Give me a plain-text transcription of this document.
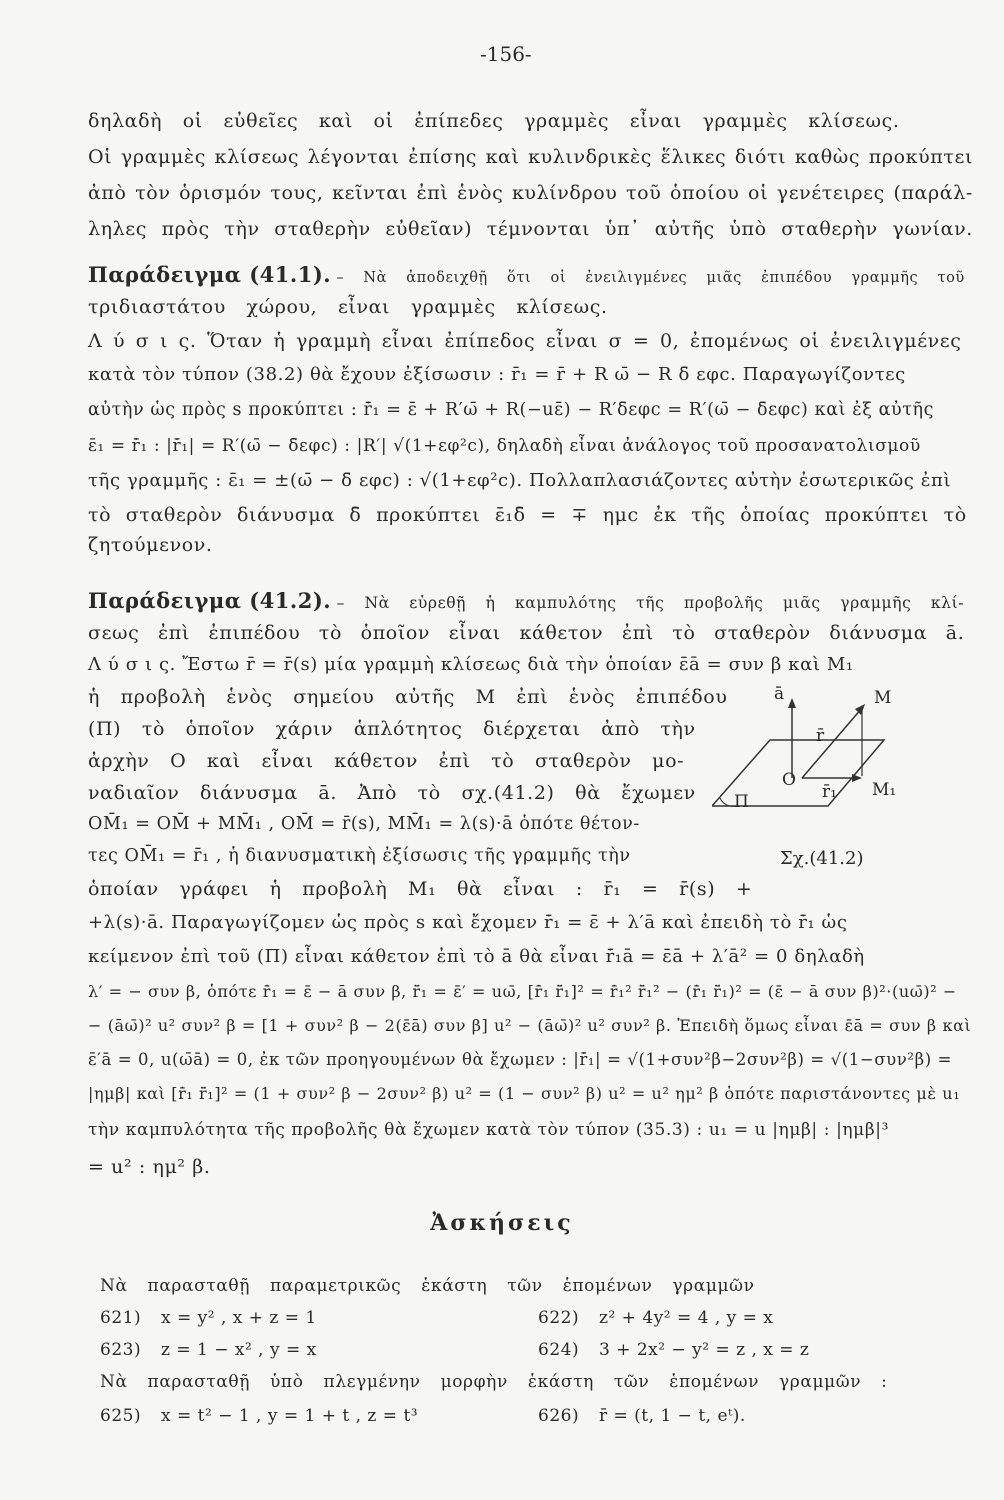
-156-
δηλαδὴ οἱ εὐθεῖες καὶ οἱ ἐπίπεδες γραμμὲς εἶναι γραμμὲς κλίσεως.
Οἱ γραμμὲς κλίσεως λέγονται ἐπίσης καὶ κυλινδρικὲς ἕλικες διότι καθὼς προκύπτει
ἀπὸ τὸν ὁρισμόν τους, κεῖνται ἐπὶ ἑνὸς κυλίνδρου τοῦ ὁποίου οἱ γενέτειρες (παράλ-
ληλες πρὸς τὴν σταθερὴν εὐθεῖαν) τέμνονται ὑπ᾽ αὐτῆς ὑπὸ σταθερὴν γωνίαν.
Παράδειγμα (41.1). – Νὰ ἀποδειχθῇ ὅτι οἱ ἐνειλιγμένες μιᾶς ἐπιπέδου γραμμῆς τοῦ
τριδιαστάτου χώρου, εἶναι γραμμὲς κλίσεως.
Λ ύ σ ι ς. Ὅταν ἡ γραμμὴ εἶναι ἐπίπεδος εἶναι σ = 0, ἐπομένως οἱ ἐνειλιγμένες
κατὰ τὸν τύπον (38.2) θὰ ἔχουν ἐξίσωσιν : r̄₁ = r̄ + R ω̄ − R δ̄ εφc. Παραγωγίζοντες
αὐτὴν ὡς πρὸς s προκύπτει : r̄̇₁ = ε̄ + R′ω̄ + R(−uε̄) − R′δ̄εφc = R′(ω̄ − δ̄εφc) καὶ ἐξ αὐτῆς
ε̄₁ = r̄̇₁ : |r̄̇₁| = R′(ω̄ − δ̄εφc) : |R′| √(1+εφ²c), δηλαδὴ εἶναι ἀνάλογος τοῦ προσανατολισμοῦ
τῆς γραμμῆς : ε̄₁ = ±(ω̄ − δ̄ εφc) : √(1+εφ²c). Πολλαπλασιάζοντες αὐτὴν ἐσωτερικῶς ἐπὶ
τὸ σταθερὸν διάνυσμα δ̄ προκύπτει ε̄₁δ̄ = ∓ ημc ἐκ τῆς ὁποίας προκύπτει τὸ
ζητούμενον.
Παράδειγμα (41.2). – Νὰ εὑρεθῇ ἡ καμπυλότης τῆς προβολῆς μιᾶς γραμμῆς κλί-
σεως ἐπὶ ἐπιπέδου τὸ ὁποῖον εἶναι κάθετον ἐπὶ τὸ σταθερὸν διάνυσμα ā.
Λ ύ σ ι ς. Ἔστω r̄ = r̄(s) μία γραμμὴ κλίσεως διὰ τὴν ὁποίαν ε̄ā = συν β καὶ M₁
ἡ προβολὴ ἑνὸς σημείου αὐτῆς M ἐπὶ ἑνὸς ἐπιπέδου
(Π) τὸ ὁποῖον χάριν ἁπλότητος διέρχεται ἀπὸ τὴν
ἀρχὴν O καὶ εἶναι κάθετον ἐπὶ τὸ σταθερὸν μο-
ναδιαῖον διάνυσμα ā. Ἀπὸ τὸ σχ.(41.2) θὰ ἔχωμεν
OM̄₁ = OM̄ + MM̄₁ , OM̄ = r̄(s), MM̄₁ = λ(s)·ā ὁπότε θέτον-
τες OM̄₁ = r̄₁ , ἡ διανυσματικὴ ἐξίσωσις τῆς γραμμῆς τὴν
ὁποίαν γράφει ἡ προβολὴ M₁ θὰ εἶναι : r̄₁ = r̄(s) +
+λ(s)·ā. Παραγωγίζομεν ὡς πρὸς s καὶ ἔχομεν r̄̇₁ = ε̄ + λ′ā καὶ ἐπειδὴ τὸ r̄̇₁ ὡς
κείμενον ἐπὶ τοῦ (Π) εἶναι κάθετον ἐπὶ τὸ ā θὰ εἶναι r̄̇₁ā = ε̄ā + λ′ā² = 0 δηλαδὴ
λ′ = − συν β, ὁπότε r̄̇₁ = ε̄ − ā συν β, r̄̈₁ = ε̄′ = uω̄, [r̄̇₁ r̄̈₁]² = r̄̇₁² r̄̈₁² − (r̄̇₁ r̄̈₁)² = (ε̄ − ā συν β)²·(uω̄)² −
− (āω̄)² u² συν² β = [1 + συν² β − 2(ε̄ā) συν β] u² − (āω̄)² u² συν² β. Ἐπειδὴ ὅμως εἶναι ε̄ā = συν β καὶ
ε̄′ā = 0, u(ω̄ā) = 0, ἐκ τῶν προηγουμένων θὰ ἔχωμεν : |r̄̇₁| = √(1+συν²β−2συν²β) = √(1−συν²β) =
|ημβ| καὶ [r̄̇₁ r̄̈₁]² = (1 + συν² β − 2συν² β) u² = (1 − συν² β) u² = u² ημ² β ὁπότε παριστάνοντες μὲ u₁
τὴν καμπυλότητα τῆς προβολῆς θὰ ἔχωμεν κατὰ τὸν τύπον (35.3) : u₁ = u |ημβ| : |ημβ|³
= u² : ημ² β.
ā	M
r̄
O
r̄₁ M₁
Π
Σχ.(41.2)
Ἀσκήσεις
Νὰ παρασταθῇ παραμετρικῶς ἑκάστη τῶν ἑπομένων γραμμῶν
621) x = y² , x + z = 1	622) z² + 4y² = 4 , y = x
623) z = 1 − x² , y = x	624) 3 + 2x² − y² = z , x = z
Νὰ παρασταθῇ ὑπὸ πλεγμένην μορφὴν ἑκάστη τῶν ἑπομένων γραμμῶν :
625) x = t² − 1 , y = 1 + t , z = t³	626) r̄ = (t, 1 − t, eᵗ).
